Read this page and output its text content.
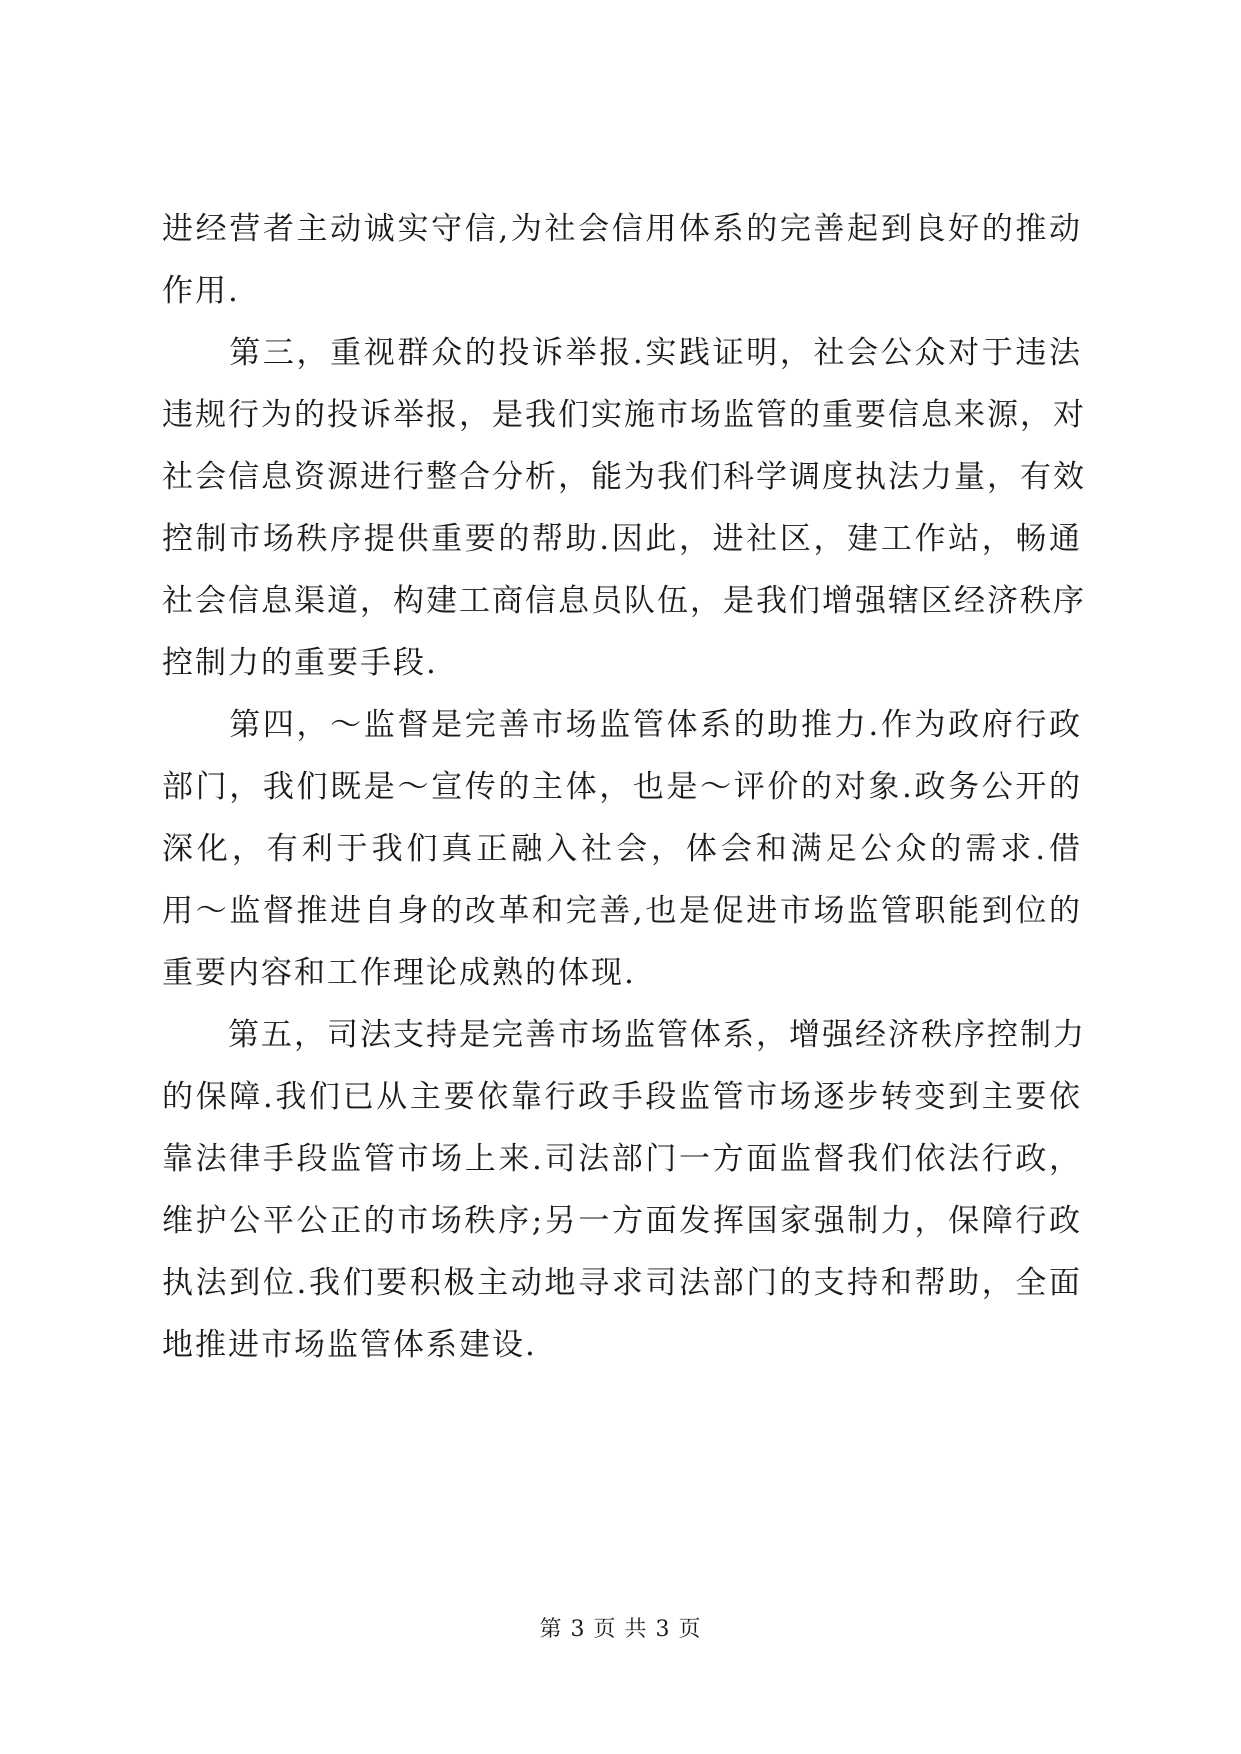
进经营者主动诚实守信,为社会信用体系的完善起到良好的推动
作用.
　　第三，重视群众的投诉举报.实践证明，社会公众对于违法
违规行为的投诉举报，是我们实施市场监管的重要信息来源，对
社会信息资源进行整合分析，能为我们科学调度执法力量，有效
控制市场秩序提供重要的帮助.因此，进社区，建工作站，畅通
社会信息渠道，构建工商信息员队伍，是我们增强辖区经济秩序
控制力的重要手段.
　　第四，～监督是完善市场监管体系的助推力.作为政府行政
部门，我们既是～宣传的主体，也是～评价的对象.政务公开的
深化，有利于我们真正融入社会，体会和满足公众的需求.借
用～监督推进自身的改革和完善,也是促进市场监管职能到位的
重要内容和工作理论成熟的体现.
　　第五，司法支持是完善市场监管体系，增强经济秩序控制力
的保障.我们已从主要依靠行政手段监管市场逐步转变到主要依
靠法律手段监管市场上来.司法部门一方面监督我们依法行政，
维护公平公正的市场秩序;另一方面发挥国家强制力，保障行政
执法到位.我们要积极主动地寻求司法部门的支持和帮助，全面
地推进市场监管体系建设.
第 3 页 共 3 页
